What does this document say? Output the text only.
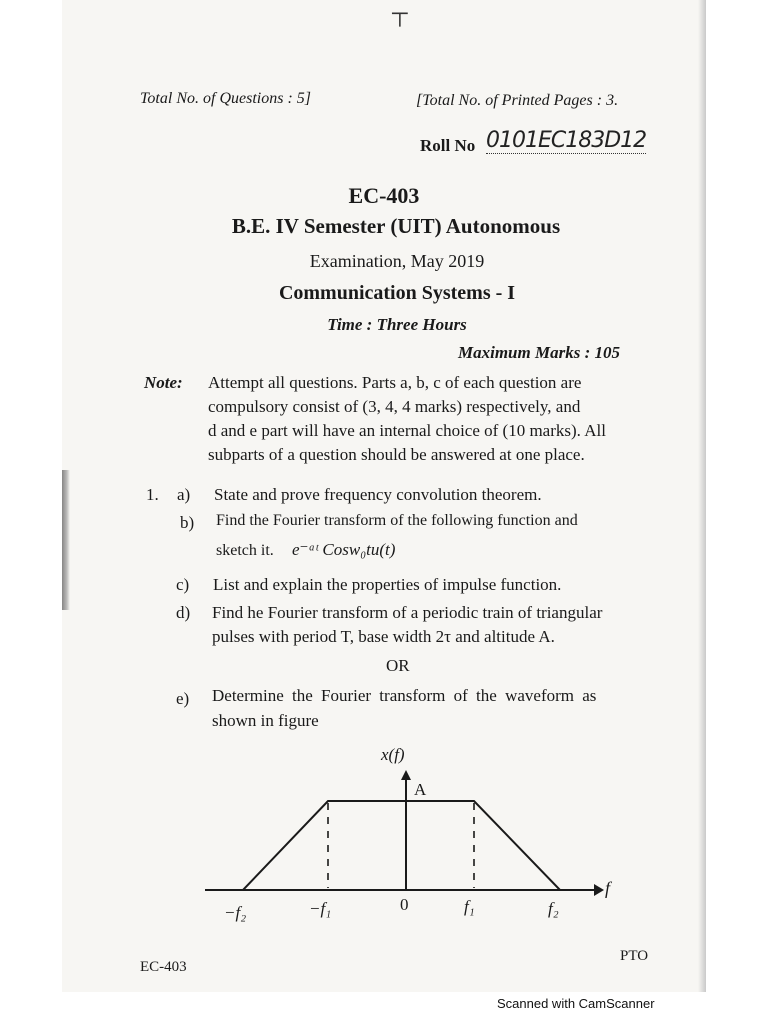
┬
Total No. of Questions : 5]	[Total No. of Printed Pages : 3.
Roll No 0101EC183D12
EC-403
B.E. IV Semester (UIT) Autonomous
Examination, May 2019
Communication Systems - I
Time : Three Hours
Maximum Marks : 105
Note: Attempt all questions. Parts a, b, c of each question are
compulsory consist of (3, 4, 4 marks) respectively, and
d and e part will have an internal choice of (10 marks). All
subparts of a question should be answered at one place.
1. a) State and prove frequency convolution theorem.
b) Find the Fourier transform of the following function and
sketch it. e⁻ᵃᵗ Cosw₀tu(t)
c) List and explain the properties of impulse function.
d) Find he Fourier transform of a periodic train of triangular
pulses with period T, base width 2τ and altitude A.
OR
e) Determine the Fourier transform of the waveform as
shown in figure
x(f)
A
f
−f₂	−f₁	0	f₁	f₂
EC-403
PTO
Scanned with CamScanner
